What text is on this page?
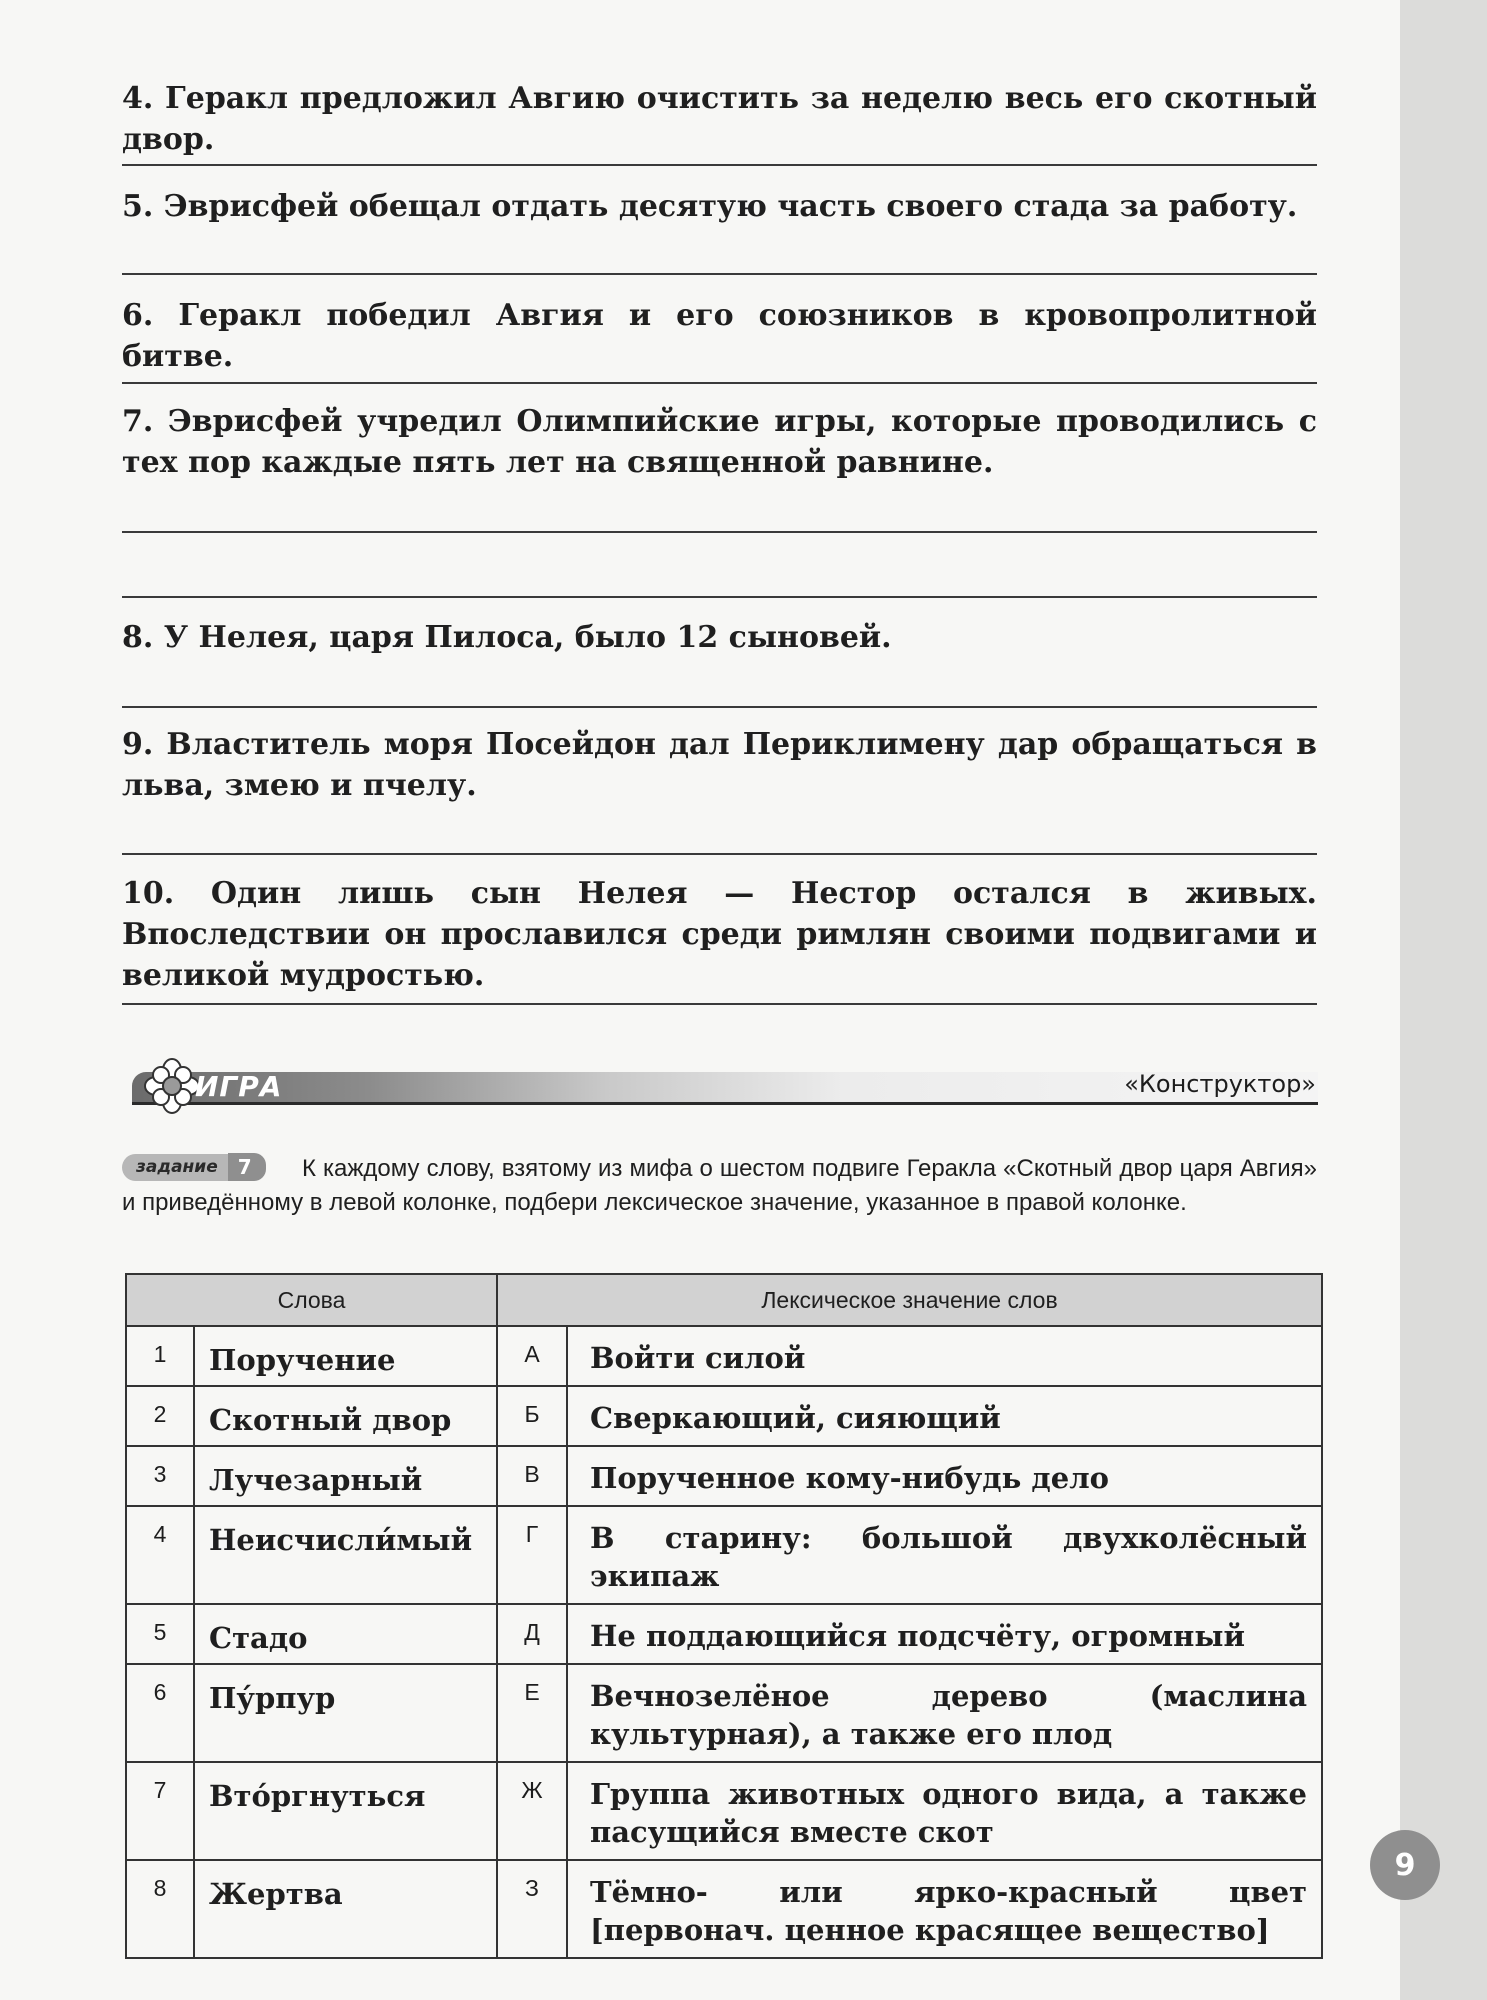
4. Геракл предложил Авгию очистить за неделю весь его скотный двор.
5. Эврисфей обещал отдать десятую часть своего стада за работу.
6. Геракл победил Авгия и его союзников в кровопролитной битве.
7. Эврисфей учредил Олимпийские игры, которые проводились с тех пор каждые пять лет на священной равнине.
8. У Нелея, царя Пилоса, было 12 сыновей.
9. Властитель моря Посейдон дал Периклимену дар обращаться в льва, змею и пчелу.
10. Один лишь сын Нелея — Нестор остался в живых. Впоследствии он прославился среди римлян своими подвигами и великой мудростью.
ИГРА	«Конструктор»
К каждому слову, взятому из мифа о шестом подвиге Геракла «Скотный двор царя Авгия» и приведённому в левой колонке, подбери лексическое значение, указанное в правой колонке.
задание	7
Слова		Лексическое значение слов	
1	Поручение	А	Войти силой
2	Скотный двор	Б	Сверкающий, сияющий
3	Лучезарный	В	Порученное кому-нибудь дело
4	Неисчисли́мый	Г	В старину: большой двухколёсный экипаж
5	Стадо	Д	Не поддающийся подсчёту, огромный
6	Пу́рпур	Е	Вечнозелёное дерево (маслина культурная), а также его плод
7	Вто́ргнуться	Ж	Группа животных одного вида, а также пасущийся вместе скот
8	Жертва	З	Тёмно- или ярко-красный цвет [первонач. ценное красящее вещество]
9
